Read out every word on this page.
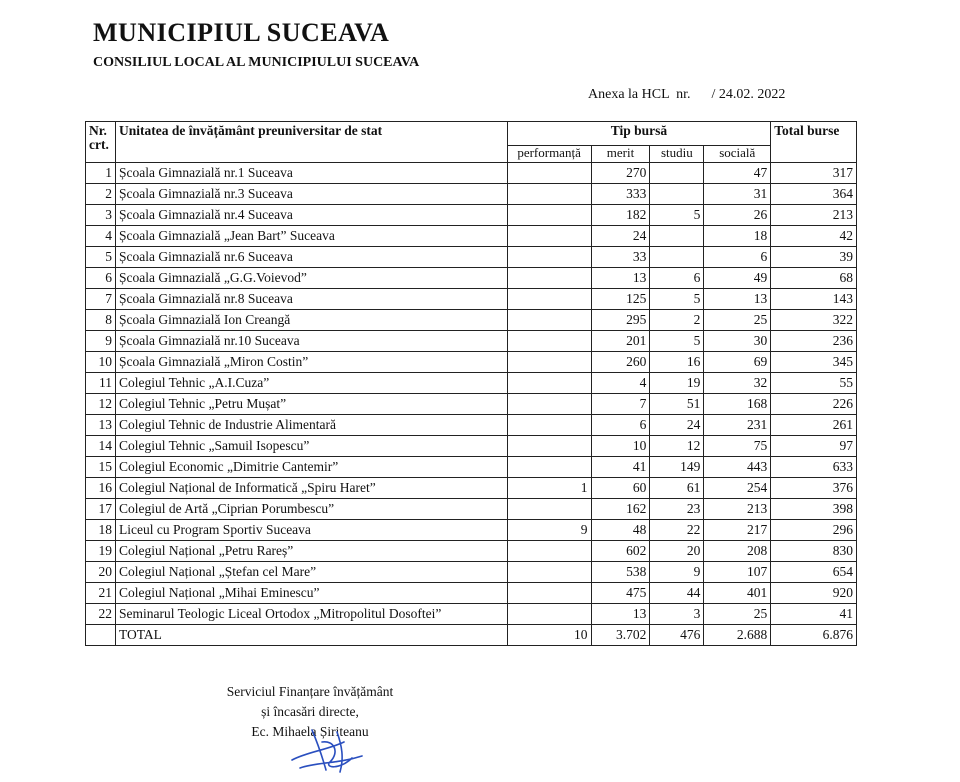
MUNICIPIUL SUCEAVA
CONSILIUL LOCAL AL MUNICIPIULUI SUCEAVA
Anexa la HCL  nr.      / 24.02. 2022
Nr. crt.	Unitatea de învățământ preuniversitar de stat	Tip bursă				Total burse
		performanță	merit	studiu	socială	
1	Școala Gimnazială nr.1 Suceava		270		47	317
2	Școala Gimnazială nr.3 Suceava		333		31	364
3	Școala Gimnazială nr.4 Suceava		182	5	26	213
4	Școala Gimnazială „Jean Bart” Suceava		24		18	42
5	Școala Gimnazială nr.6 Suceava		33		6	39
6	Școala Gimnazială „G.G.Voievod”		13	6	49	68
7	Școala Gimnazială nr.8 Suceava		125	5	13	143
8	Școala Gimnazială Ion Creangă		295	2	25	322
9	Școala Gimnazială nr.10 Suceava		201	5	30	236
10	Școala Gimnazială „Miron Costin”		260	16	69	345
11	Colegiul Tehnic „A.I.Cuza”		4	19	32	55
12	Colegiul Tehnic „Petru Mușat”		7	51	168	226
13	Colegiul Tehnic de Industrie Alimentară		6	24	231	261
14	Colegiul Tehnic „Samuil Isopescu”		10	12	75	97
15	Colegiul Economic „Dimitrie Cantemir”		41	149	443	633
16	Colegiul Național de Informatică „Spiru Haret”	1	60	61	254	376
17	Colegiul de Artă „Ciprian Porumbescu”		162	23	213	398
18	Liceul cu Program Sportiv Suceava	9	48	22	217	296
19	Colegiul Național „Petru Rareș”		602	20	208	830
20	Colegiul Național „Ștefan cel Mare”		538	9	107	654
21	Colegiul Național „Mihai Eminescu”		475	44	401	920
22	Seminarul Teologic Liceal Ortodox „Mitropolitul Dosoftei”		13	3	25	41
	TOTAL	10	3.702	476	2.688	6.876
Serviciul Finanțare învățământ
și încasări directe,
Ec. Mihaela Șiriteanu
